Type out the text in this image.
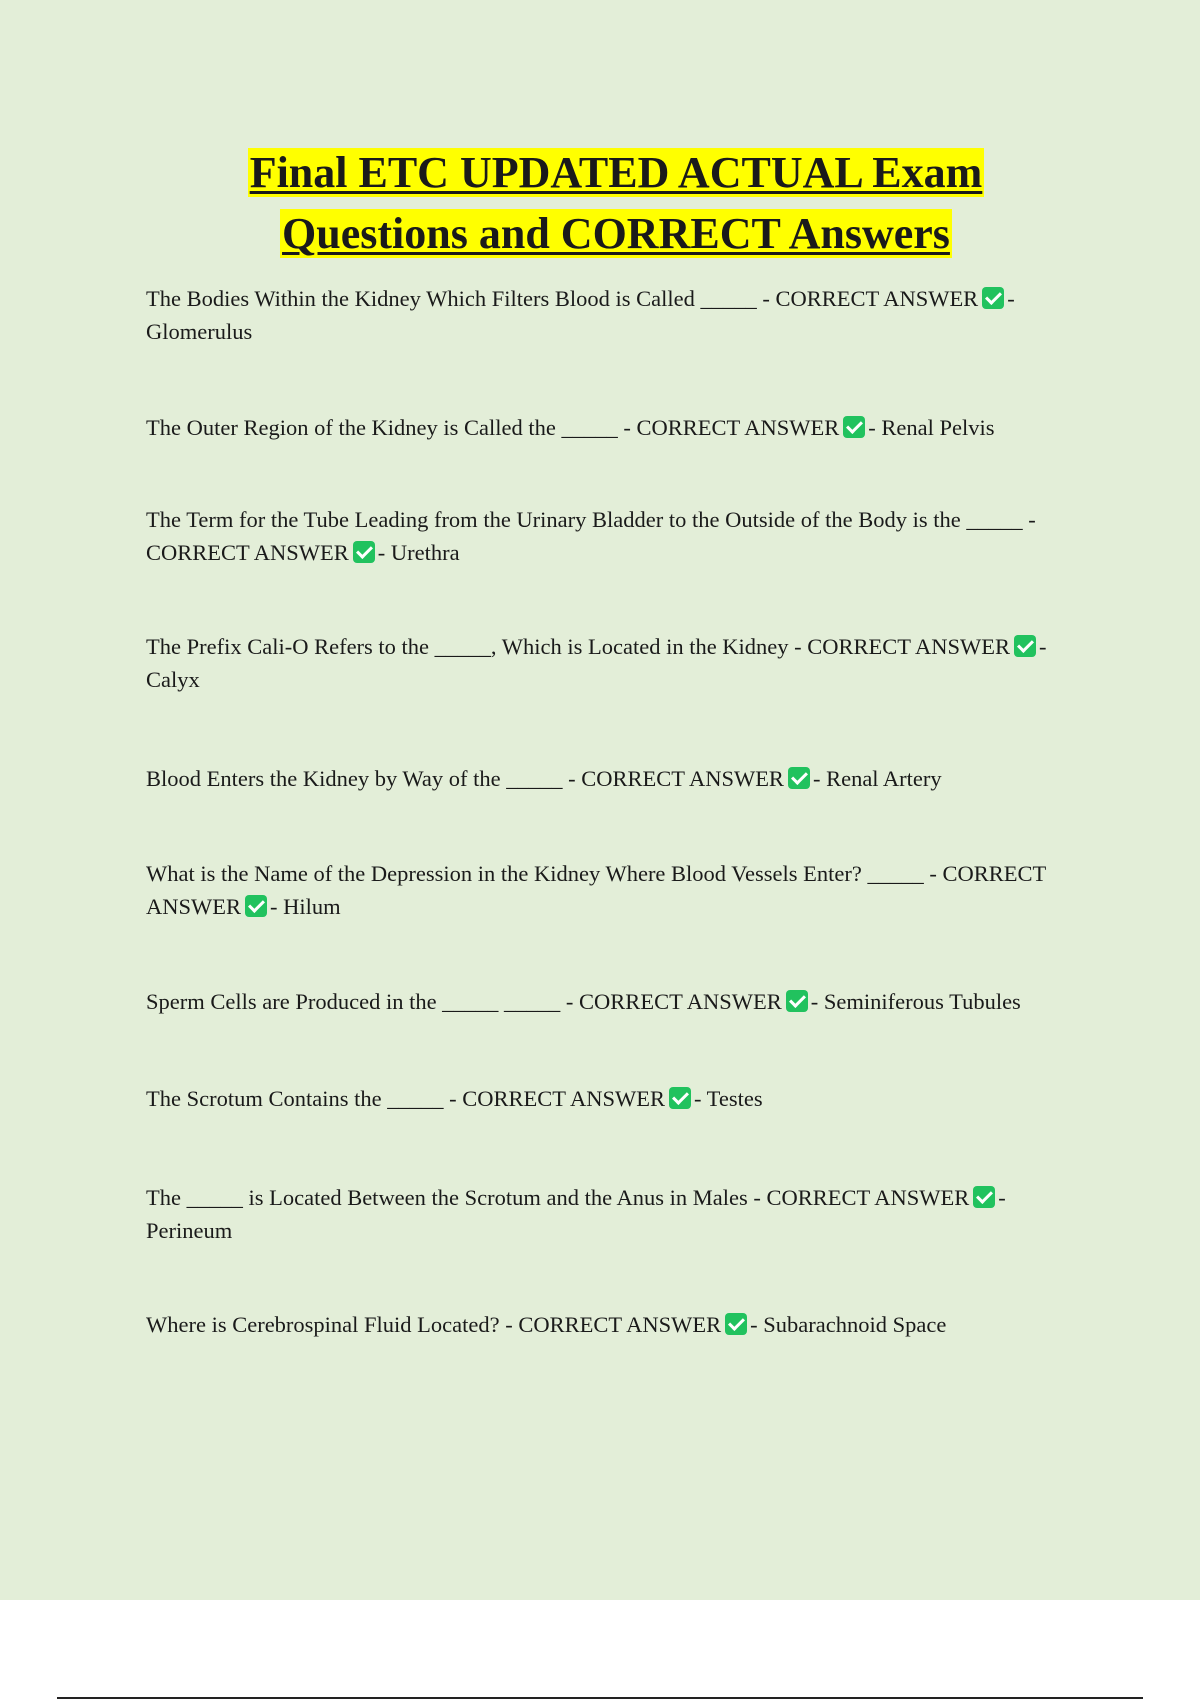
Final ETC UPDATED ACTUAL Exam
Questions and CORRECT Answers

The Bodies Within the Kidney Which Filters Blood is Called _____ - CORRECT ANSWER - Glomerulus

The Outer Region of the Kidney is Called the _____ - CORRECT ANSWER - Renal Pelvis

The Term for the Tube Leading from the Urinary Bladder to the Outside of the Body is the _____ - CORRECT ANSWER - Urethra

The Prefix Cali-O Refers to the _____, Which is Located in the Kidney - CORRECT ANSWER - Calyx

Blood Enters the Kidney by Way of the _____ - CORRECT ANSWER - Renal Artery

What is the Name of the Depression in the Kidney Where Blood Vessels Enter? _____ - CORRECT ANSWER - Hilum

Sperm Cells are Produced in the _____ _____ - CORRECT ANSWER - Seminiferous Tubules

The Scrotum Contains the _____ - CORRECT ANSWER - Testes

The _____ is Located Between the Scrotum and the Anus in Males - CORRECT ANSWER - Perineum

Where is Cerebrospinal Fluid Located? - CORRECT ANSWER - Subarachnoid Space
